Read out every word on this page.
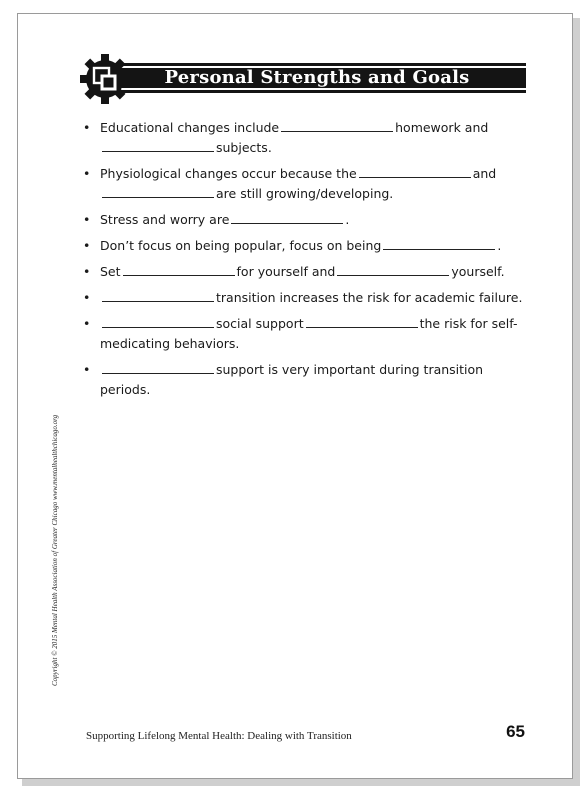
Personal Strengths and Goals
• Educational changes include	homework andsubjects.
• Physiological changes occur because the	andare still growing/developing.
• Stress and worry are	.
• Don’t focus on being popular, focus on being	.
• Set	for yourself and	yourself.
• transition increases the risk for academic failure.
• social support	the risk for self-medicating behaviors.
• support is very important during transition periods.
Copyright © 2015 Mental Health Association of Greater Chicago www.mentalhealthchicago.org
Supporting Lifelong Mental Health: Dealing with Transition	65
